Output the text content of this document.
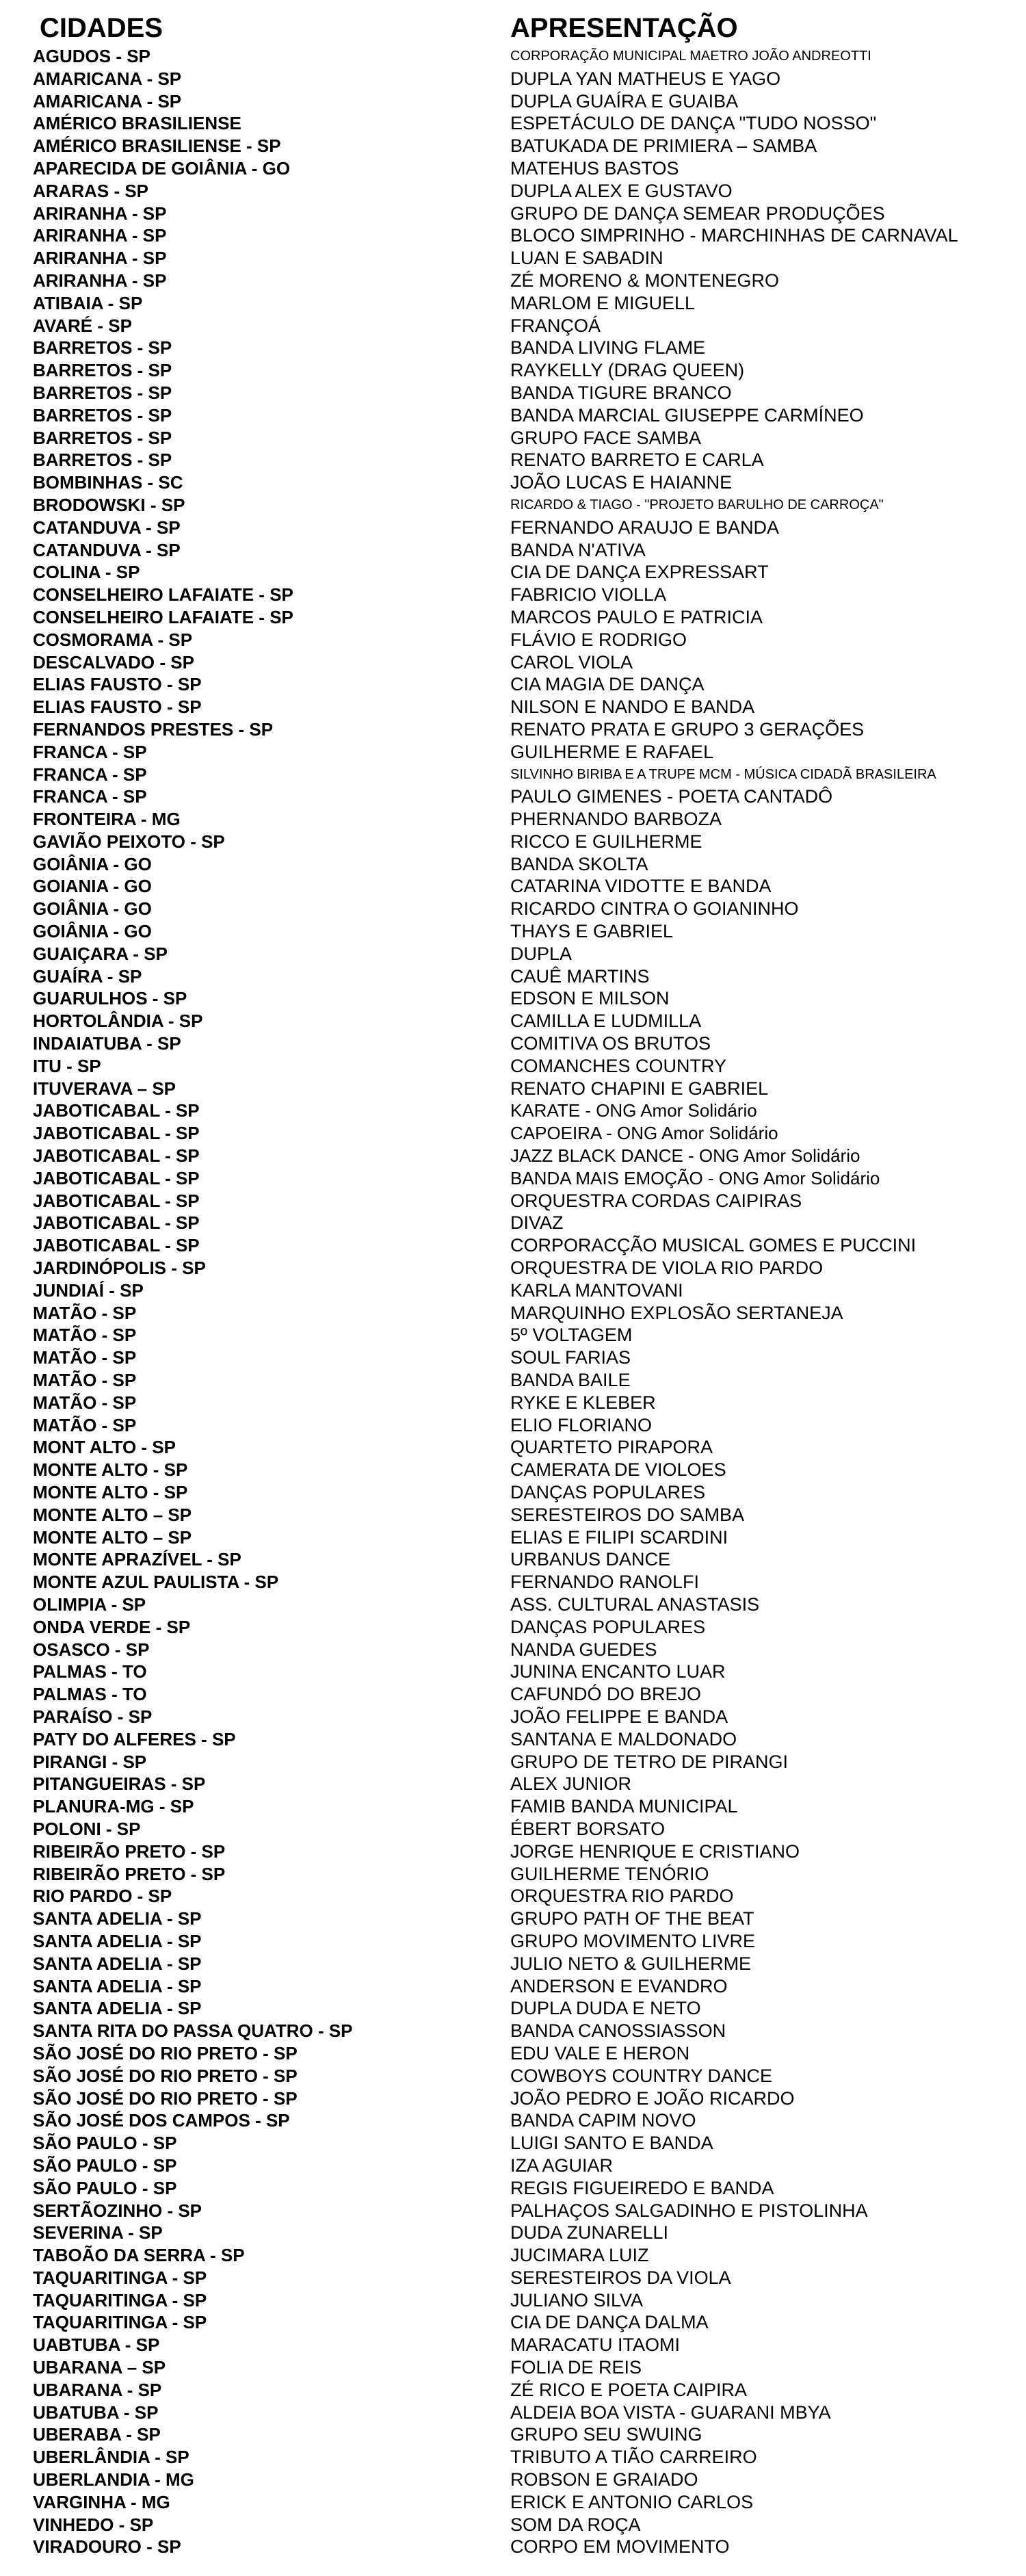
CIDADES	APRESENTAÇÃO
AGUDOS - SP	CORPORAÇÃO MUNICIPAL MAETRO JOÃO ANDREOTTI
AMARICANA - SP	DUPLA YAN MATHEUS E YAGO
AMARICANA - SP	DUPLA GUAÍRA E GUAIBA
AMÉRICO BRASILIENSE	ESPETÁCULO DE DANÇA "TUDO NOSSO"
AMÉRICO BRASILIENSE - SP	BATUKADA DE PRIMIERA – SAMBA
APARECIDA DE GOIÂNIA - GO	MATEHUS BASTOS
ARARAS - SP	DUPLA ALEX E GUSTAVO
ARIRANHA - SP	GRUPO DE DANÇA SEMEAR PRODUÇÕES
ARIRANHA - SP	BLOCO SIMPRINHO - MARCHINHAS DE CARNAVAL
ARIRANHA - SP	LUAN E SABADIN
ARIRANHA - SP	ZÉ MORENO & MONTENEGRO
ATIBAIA - SP	MARLOM E MIGUELL
AVARÉ - SP	FRANÇOÁ
BARRETOS - SP	BANDA LIVING FLAME
BARRETOS - SP	RAYKELLY (DRAG QUEEN)
BARRETOS - SP	BANDA TIGURE BRANCO
BARRETOS - SP	BANDA MARCIAL GIUSEPPE CARMÍNEO
BARRETOS - SP	GRUPO FACE SAMBA
BARRETOS - SP	RENATO BARRETO E CARLA
BOMBINHAS - SC	JOÃO LUCAS E HAIANNE
BRODOWSKI - SP	RICARDO & TIAGO - "PROJETO BARULHO DE CARROÇA"
CATANDUVA - SP	FERNANDO ARAUJO E BANDA
CATANDUVA - SP	BANDA N'ATIVA
COLINA - SP	CIA DE DANÇA EXPRESSART
CONSELHEIRO LAFAIATE - SP	FABRICIO VIOLLA
CONSELHEIRO LAFAIATE - SP	MARCOS PAULO E PATRICIA
COSMORAMA - SP	FLÁVIO E RODRIGO
DESCALVADO - SP	CAROL VIOLA
ELIAS FAUSTO - SP	CIA MAGIA DE DANÇA
ELIAS FAUSTO - SP	NILSON E NANDO E BANDA
FERNANDOS PRESTES - SP	RENATO PRATA E GRUPO 3 GERAÇÕES
FRANCA - SP	GUILHERME E RAFAEL
FRANCA - SP	SILVINHO BIRIBA E A TRUPE MCM - MÚSICA CIDADÃ BRASILEIRA
FRANCA - SP	PAULO GIMENES - POETA CANTADÔ
FRONTEIRA - MG	PHERNANDO BARBOZA
GAVIÃO PEIXOTO - SP	RICCO E GUILHERME
GOIÂNIA - GO	BANDA SKOLTA
GOIANIA - GO	CATARINA VIDOTTE E BANDA
GOIÂNIA - GO	RICARDO CINTRA O GOIANINHO
GOIÂNIA - GO	THAYS E GABRIEL
GUAIÇARA - SP	DUPLA
GUAÍRA - SP	CAUÊ MARTINS
GUARULHOS - SP	EDSON E MILSON
HORTOLÂNDIA - SP	CAMILLA E LUDMILLA
INDAIATUBA - SP	COMITIVA OS BRUTOS
ITU - SP	COMANCHES COUNTRY
ITUVERAVA – SP	RENATO CHAPINI E GABRIEL
JABOTICABAL - SP	KARATE - ONG Amor Solidário
JABOTICABAL - SP	CAPOEIRA - ONG Amor Solidário
JABOTICABAL - SP	JAZZ BLACK DANCE - ONG Amor Solidário
JABOTICABAL - SP	BANDA MAIS EMOÇÃO - ONG Amor Solidário
JABOTICABAL - SP	ORQUESTRA CORDAS CAIPIRAS
JABOTICABAL - SP	DIVAZ
JABOTICABAL - SP	CORPORACÇÃO MUSICAL GOMES E PUCCINI
JARDINÓPOLIS - SP	ORQUESTRA DE VIOLA RIO PARDO
JUNDIAÍ - SP	KARLA MANTOVANI
MATÃO - SP	MARQUINHO EXPLOSÃO SERTANEJA
MATÃO - SP	5º VOLTAGEM
MATÃO - SP	SOUL FARIAS
MATÃO - SP	BANDA BAILE
MATÃO - SP	RYKE E KLEBER
MATÃO - SP	ELIO FLORIANO
MONT ALTO - SP	QUARTETO PIRAPORA
MONTE ALTO - SP	CAMERATA DE VIOLOES
MONTE ALTO - SP	DANÇAS POPULARES
MONTE ALTO – SP	SERESTEIROS DO SAMBA
MONTE ALTO – SP	ELIAS E FILIPI SCARDINI
MONTE APRAZÍVEL - SP	URBANUS DANCE
MONTE AZUL PAULISTA - SP	FERNANDO RANOLFI
OLIMPIA - SP	ASS. CULTURAL ANASTASIS
ONDA VERDE - SP	DANÇAS POPULARES
OSASCO - SP	NANDA GUEDES
PALMAS - TO	JUNINA ENCANTO LUAR
PALMAS - TO	CAFUNDÓ DO BREJO
PARAÍSO - SP	JOÃO FELIPPE E BANDA
PATY DO ALFERES - SP	SANTANA E MALDONADO
PIRANGI - SP	GRUPO DE TETRO DE PIRANGI
PITANGUEIRAS - SP	ALEX JUNIOR
PLANURA-MG - SP	FAMIB BANDA MUNICIPAL
POLONI - SP	ÉBERT BORSATO
RIBEIRÃO PRETO - SP	JORGE HENRIQUE E CRISTIANO
RIBEIRÃO PRETO - SP	GUILHERME TENÓRIO
RIO PARDO - SP	ORQUESTRA RIO PARDO
SANTA ADELIA - SP	GRUPO PATH OF THE BEAT
SANTA ADELIA - SP	GRUPO MOVIMENTO LIVRE
SANTA ADELIA - SP	JULIO NETO & GUILHERME
SANTA ADELIA - SP	ANDERSON E EVANDRO
SANTA ADELIA - SP	DUPLA DUDA E NETO
SANTA RITA DO PASSA QUATRO - SP	BANDA CANOSSIASSON
SÃO JOSÉ DO RIO PRETO - SP	EDU VALE E HERON
SÃO JOSÉ DO RIO PRETO - SP	COWBOYS COUNTRY DANCE
SÃO JOSÉ DO RIO PRETO - SP	JOÃO PEDRO E JOÃO RICARDO
SÃO JOSÉ DOS CAMPOS - SP	BANDA CAPIM NOVO
SÃO PAULO - SP	LUIGI SANTO E BANDA
SÃO PAULO - SP	IZA AGUIAR
SÃO PAULO - SP	REGIS FIGUEIREDO E BANDA
SERTÃOZINHO - SP	PALHAÇOS SALGADINHO E PISTOLINHA
SEVERINA - SP	DUDA ZUNARELLI
TABOÃO DA SERRA - SP	JUCIMARA LUIZ
TAQUARITINGA - SP	SERESTEIROS DA VIOLA
TAQUARITINGA - SP	JULIANO SILVA
TAQUARITINGA - SP	CIA DE DANÇA DALMA
UABTUBA - SP	MARACATU ITAOMI
UBARANA – SP	FOLIA DE REIS
UBARANA - SP	ZÉ RICO E POETA CAIPIRA
UBATUBA - SP	ALDEIA BOA VISTA - GUARANI MBYA
UBERABA - SP	GRUPO SEU SWUING
UBERLÂNDIA - SP	TRIBUTO A TIÃO CARREIRO
UBERLANDIA - MG	ROBSON E GRAIADO
VARGINHA - MG	ERICK E ANTONIO CARLOS
VINHEDO - SP	SOM DA ROÇA
VIRADOURO - SP	CORPO EM MOVIMENTO
